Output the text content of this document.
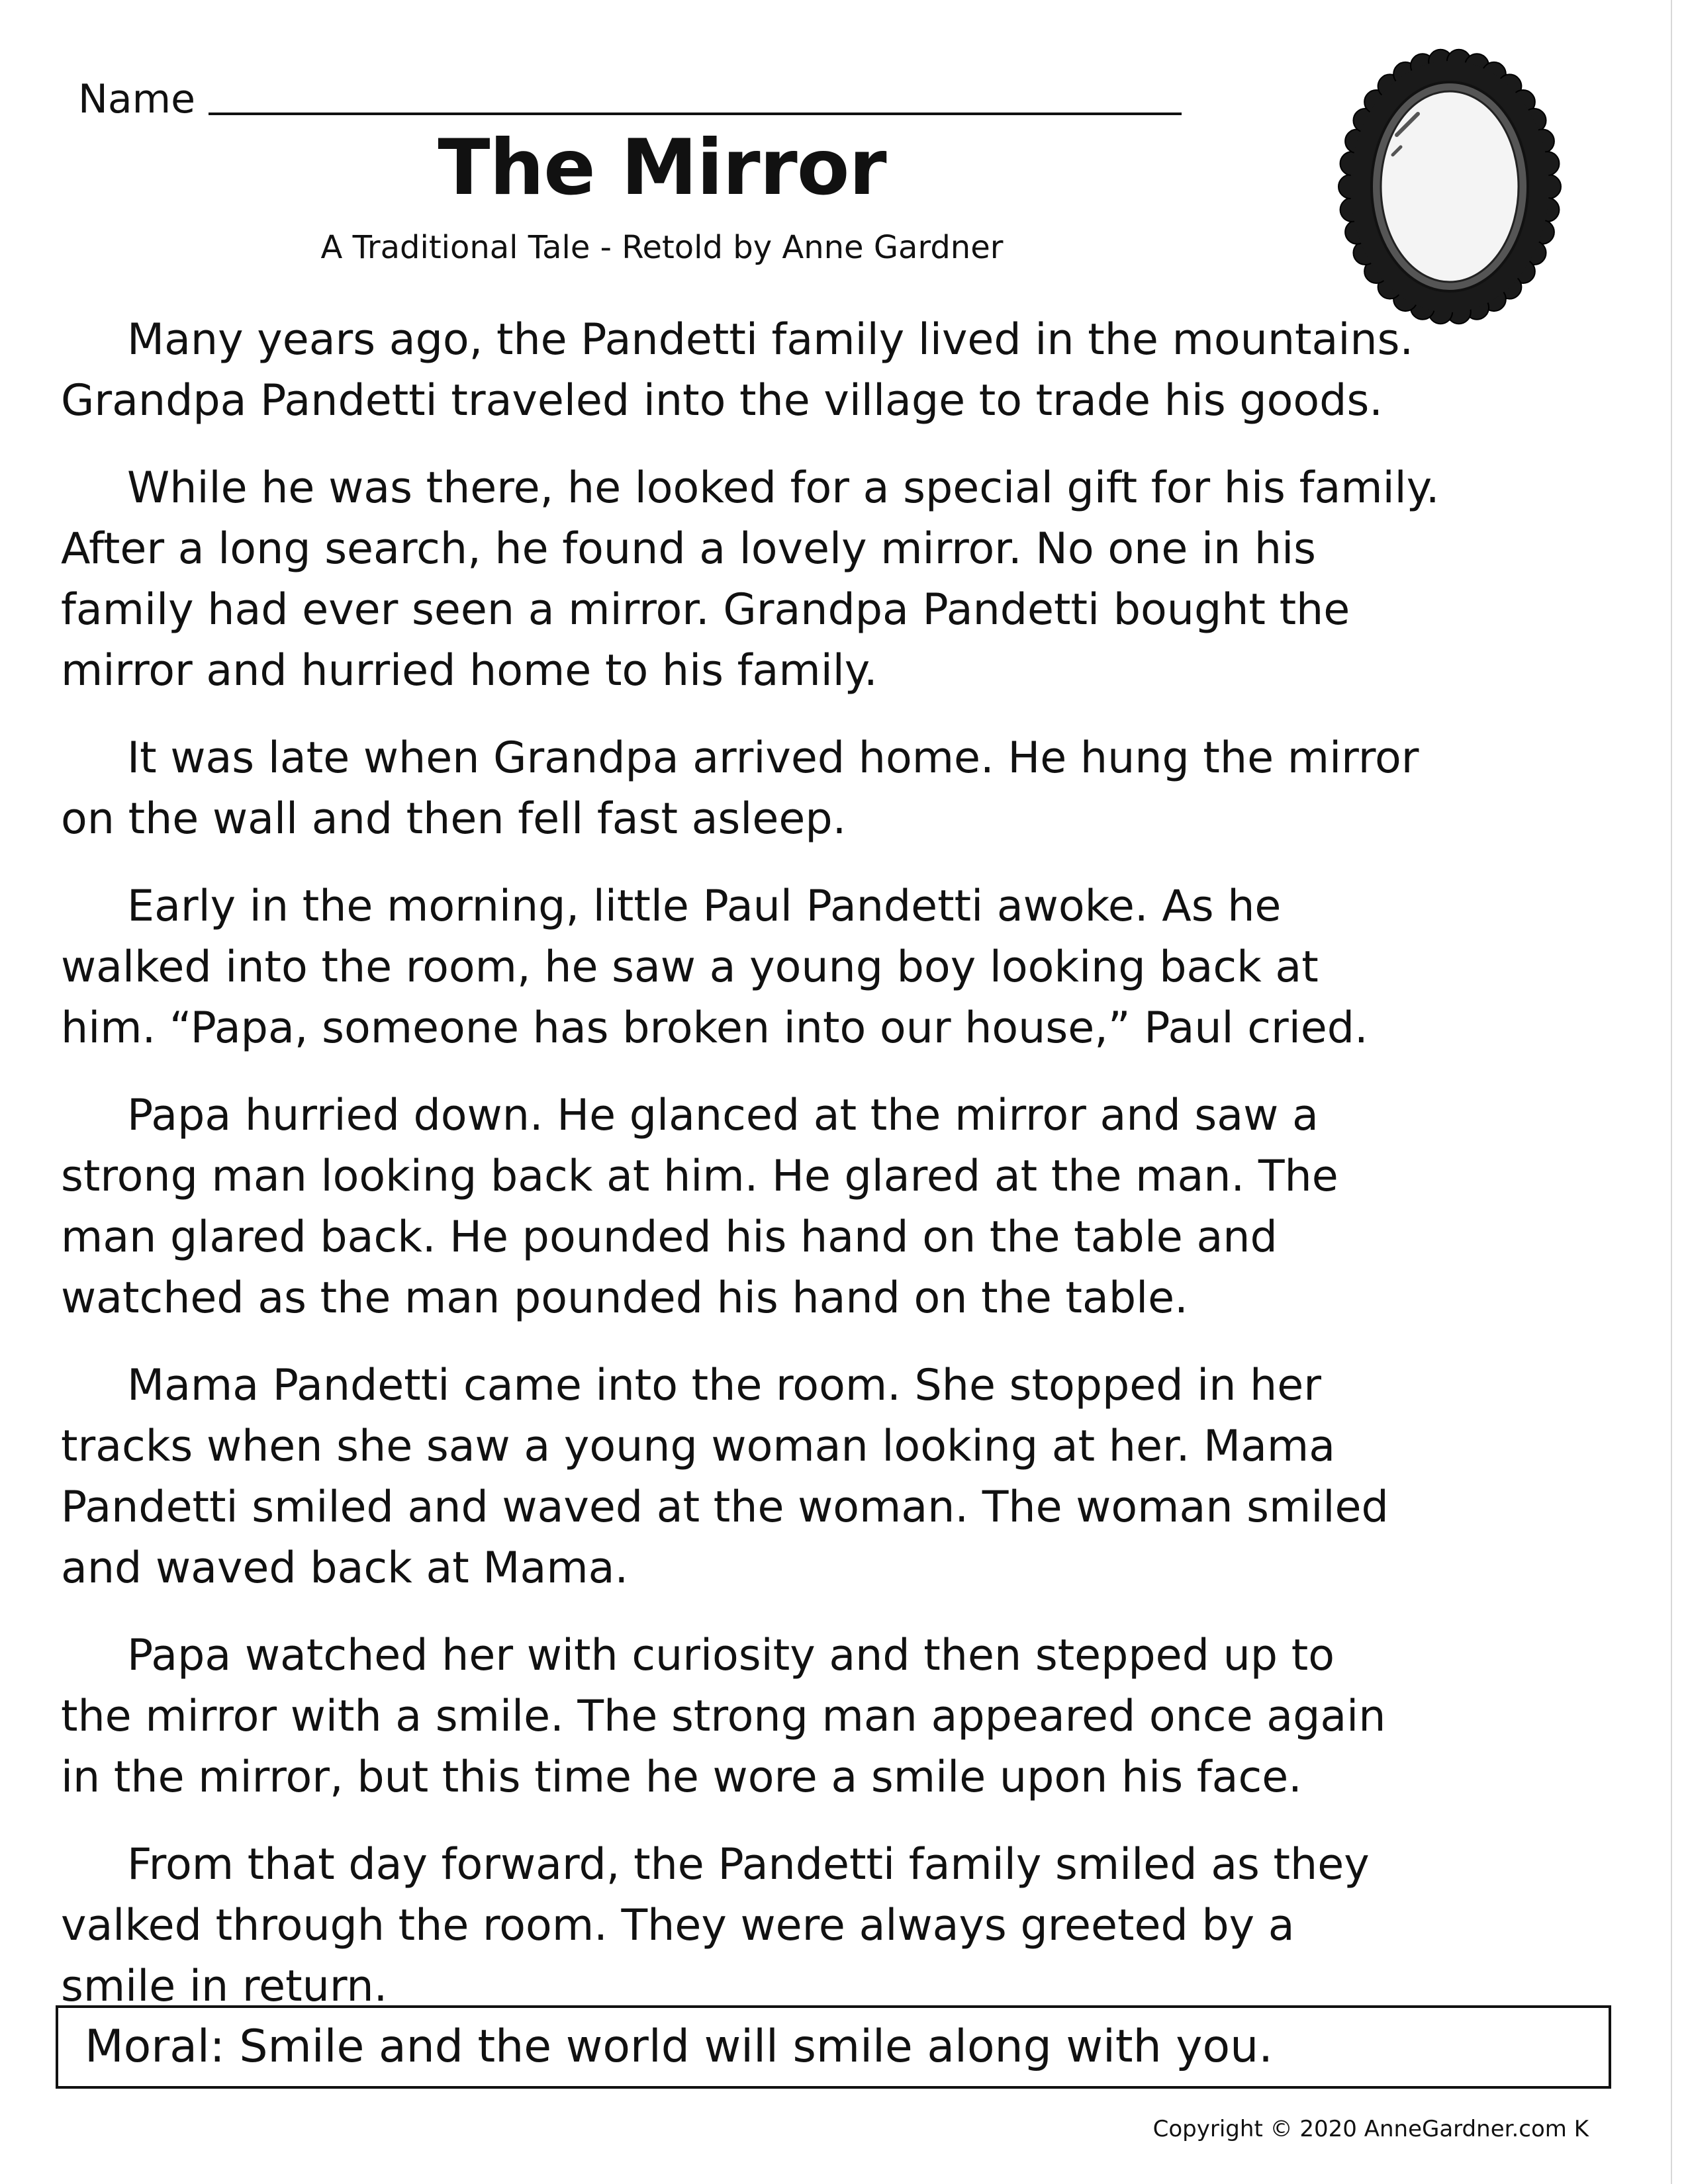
Name
The Mirror
A Traditional Tale - Retold by Anne Gardner

Many years ago, the Pandetti family lived in the mountains.
Grandpa Pandetti traveled into the village to trade his goods.

While he was there, he looked for a special gift for his family.
After a long search, he found a lovely mirror. No one in his
family had ever seen a mirror. Grandpa Pandetti bought the
mirror and hurried home to his family.

It was late when Grandpa arrived home. He hung the mirror
on the wall and then fell fast asleep.

Early in the morning, little Paul Pandetti awoke. As he
walked into the room, he saw a young boy looking back at
him. “Papa, someone has broken into our house,” Paul cried.

Papa hurried down. He glanced at the mirror and saw a
strong man looking back at him. He glared at the man. The
man glared back. He pounded his hand on the table and
watched as the man pounded his hand on the table.

Mama Pandetti came into the room. She stopped in her
tracks when she saw a young woman looking at her. Mama
Pandetti smiled and waved at the woman. The woman smiled
and waved back at Mama.

Papa watched her with curiosity and then stepped up to
the mirror with a smile. The strong man appeared once again
in the mirror, but this time he wore a smile upon his face.

From that day forward, the Pandetti family smiled as they
valked through the room. They were always greeted by a
smile in return.

Moral: Smile and the world will smile along with you.
Copyright © 2020 AnneGardner.com K
